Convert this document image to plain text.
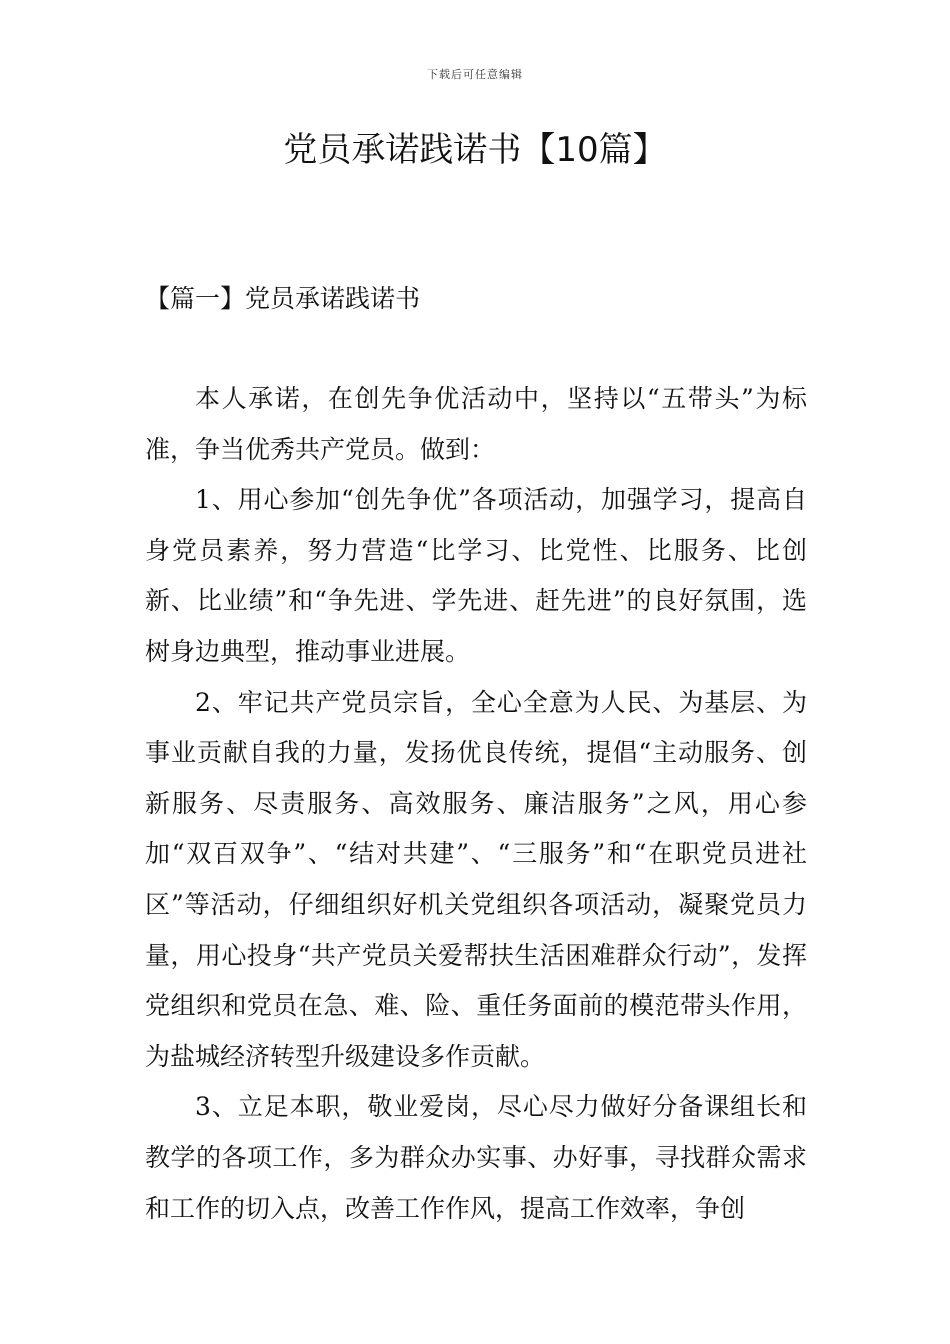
下载后可任意编辑
党员承诺践诺书【10篇】
【篇一】党员承诺践诺书

本人承诺，在创先争优活动中，坚持以“五带头”为标准，争当优秀共产党员。做到：

1、用心参加“创先争优”各项活动，加强学习，提高自身党员素养，努力营造“比学习、比党性、比服务、比创新、比业绩”和“争先进、学先进、赶先进”的良好氛围，选树身边典型，推动事业进展。

2、牢记共产党员宗旨，全心全意为人民、为基层、为事业贡献自我的力量，发扬优良传统，提倡“主动服务、创新服务、尽责服务、高效服务、廉洁服务”之风，用心参加“双百双争”、“结对共建”、“三服务”和“在职党员进社区”等活动，仔细组织好机关党组织各项活动，凝聚党员力量，用心投身“共产党员关爱帮扶生活困难群众行动”，发挥党组织和党员在急、难、险、重任务面前的模范带头作用，为盐城经济转型升级建设多作贡献。

3、立足本职，敬业爱岗，尽心尽力做好分备课组长和教学的各项工作，多为群众办实事、办好事，寻找群众需求和工作的切入点，改善工作作风，提高工作效率，争创
